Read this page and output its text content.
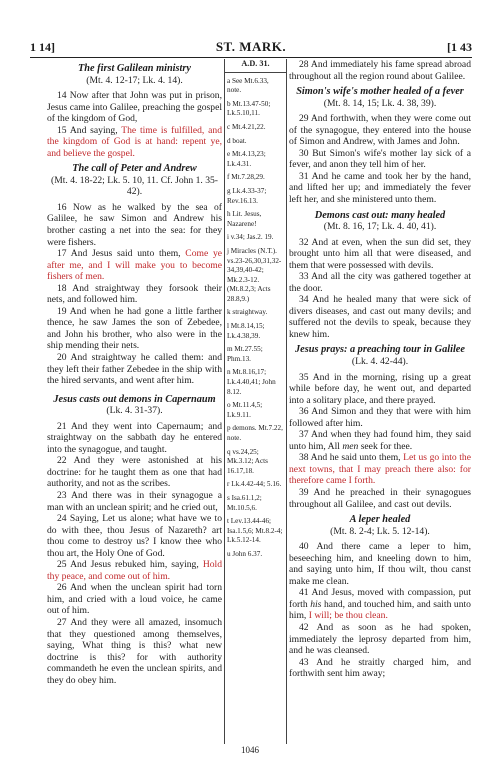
1 14]	ST. MARK.	[1 43
The first Galilean ministry
(Mt. 4. 12-17; Lk. 4. 14).

14 Now after that John was put in prison, Jesus came into Galilee, preaching the gospel of the kingdom of God,

15 And saying, The time is fulfilled, and the kingdom of God is at hand: repent ye, and believe the gospel.

The call of Peter and Andrew
(Mt. 4. 18-22; Lk. 5. 10, 11. Cf. John 1. 35-42).

16 Now as he walked by the sea of Galilee, he saw Simon and Andrew his brother casting a net into the sea: for they were fishers.

17 And Jesus said unto them, Come ye after me, and I will make you to become fishers of men.

18 And straightway they forsook their nets, and followed him.

19 And when he had gone a little farther thence, he saw James the son of Zebedee, and John his brother, who also were in the ship mending their nets.

20 And straightway he called them: and they left their father Zebedee in the ship with the hired servants, and went after him.

Jesus casts out demons in Capernaum
(Lk. 4. 31-37).

21 And they went into Capernaum; and straightway on the sabbath day he entered into the synagogue, and taught.

22 And they were astonished at his doctrine: for he taught them as one that had authority, and not as the scribes.

23 And there was in their synagogue a man with an unclean spirit; and he cried out,

24 Saying, Let us alone; what have we to do with thee, thou Jesus of Nazareth? art thou come to destroy us? I know thee who thou art, the Holy One of God.

25 And Jesus rebuked him, saying, Hold thy peace, and come out of him.

26 And when the unclean spirit had torn him, and cried with a loud voice, he came out of him.

27 And they were all amazed, insomuch that they questioned among themselves, saying, What thing is this? what new doctrine is this? for with authority commandeth he even the unclean spirits, and they do obey him.

A.D. 31.
a See Mt.6.33, note.
b Mt.13.47-50; Lk.5.10,11.
c Mt.4.21,22.
d boat.
e Mt.4.13,23; Lk.4.31.
f Mt.7.28,29.
g Lk.4.33-37; Rev.16.13.
h Lit. Jesus, Nazarene!
i v.34; Jas.2. 19.
j Miracles (N.T.). vs.23-26,30,31,32-34,39,40-42; Mk.2.3-12. (Mt.8.2,3; Acts 28.8,9.)
k straightway.
l Mt.8.14,15; Lk.4.38,39.
m Mt.27.55; Phm.13.
n Mt.8.16,17; Lk.4.40,41; John 8.12.
o Mt.11.4,5; Lk.9.11.
p demons. Mt.7.22, note.
q vs.24,25; Mk.3.12; Acts 16.17,18.
r Lk.4.42-44; 5.16.
s Isa.61.1,2; Mt.10.5,6.
t Lev.13.44-46; Isa.1.5,6; Mt.8.2-4; Lk.5.12-14.
u John 6.37.

28 And immediately his fame spread abroad throughout all the region round about Galilee.

Simon's wife's mother healed of a fever
(Mt. 8. 14, 15; Lk. 4. 38, 39).

29 And forthwith, when they were come out of the synagogue, they entered into the house of Simon and Andrew, with James and John.

30 But Simon's wife's mother lay sick of a fever, and anon they tell him of her.

31 And he came and took her by the hand, and lifted her up; and immediately the fever left her, and she ministered unto them.

Demons cast out: many healed
(Mt. 8. 16, 17; Lk. 4. 40, 41).

32 And at even, when the sun did set, they brought unto him all that were diseased, and them that were possessed with devils.

33 And all the city was gathered together at the door.

34 And he healed many that were sick of divers diseases, and cast out many devils; and suffered not the devils to speak, because they knew him.

Jesus prays: a preaching tour in Galilee
(Lk. 4. 42-44).

35 And in the morning, rising up a great while before day, he went out, and departed into a solitary place, and there prayed.

36 And Simon and they that were with him followed after him.

37 And when they had found him, they said unto him, All men seek for thee.

38 And he said unto them, Let us go into the next towns, that I may preach there also: for therefore came I forth.

39 And he preached in their synagogues throughout all Galilee, and cast out devils.

A leper healed
(Mt. 8. 2-4; Lk. 5. 12-14).

40 And there came a leper to him, beseeching him, and kneeling down to him, and saying unto him, If thou wilt, thou canst make me clean.

41 And Jesus, moved with compassion, put forth his hand, and touched him, and saith unto him, I will; be thou clean.

42 And as soon as he had spoken, immediately the leprosy departed from him, and he was cleansed.

43 And he straitly charged him, and forthwith sent him away;

1046
